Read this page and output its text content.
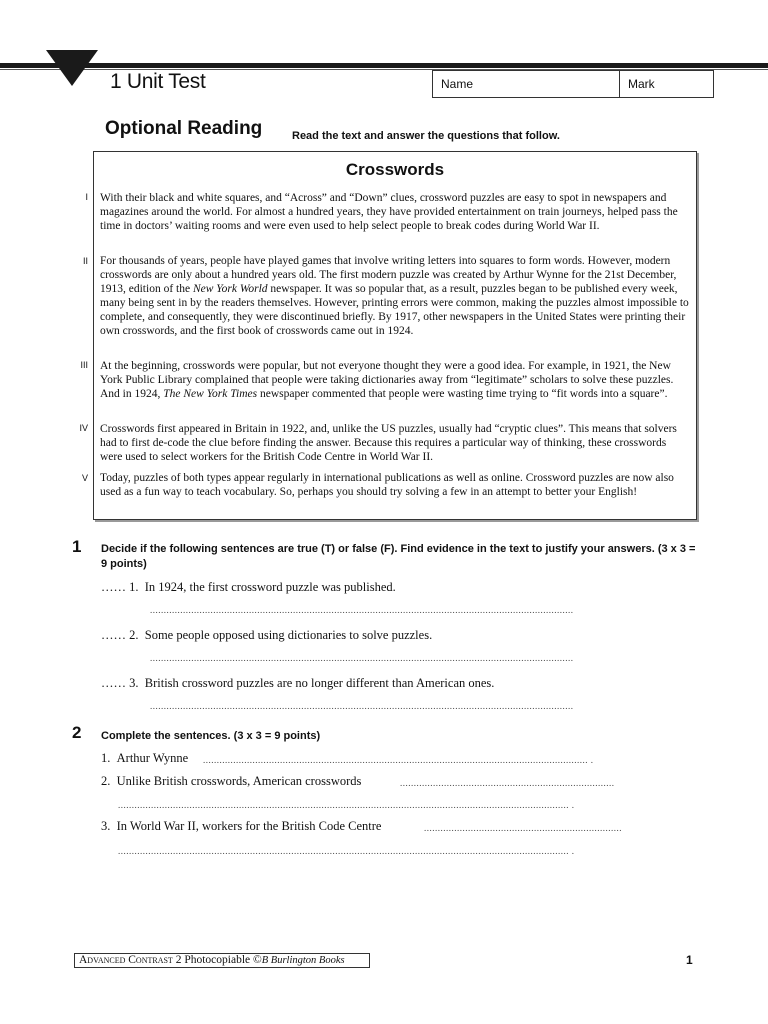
1 Unit Test	Name	Mark
Optional Reading	Read the text and answer the questions that follow.
I
II
III
IV
V
Crosswords
With their black and white squares, and “Across” and “Down” clues, crossword puzzles are easy to spot in newspapers and magazines around the world. For almost a hundred years, they have provided entertainment on train journeys, helped pass the time in doctors’ waiting rooms and were even used to help select people to break codes during World War II.
For thousands of years, people have played games that involve writing letters into squares to form words. However, modern crosswords are only about a hundred years old. The first modern puzzle was created by Arthur Wynne for the 21st December, 1913, edition of the New York World newspaper. It was so popular that, as a result, puzzles began to be published every week, many being sent in by the readers themselves. However, printing errors were common, making the puzzles almost impossible to complete, and consequently, they were discontinued briefly. By 1917, other newspapers in the United States were printing their own crosswords, and the first book of crosswords came out in 1924.
At the beginning, crosswords were popular, but not everyone thought they were a good idea. For example, in 1921, the New York Public Library complained that people were taking dictionaries away from “legitimate” scholars to solve these puzzles. And in 1924, The New York Times newspaper commented that people were wasting time trying to “fit words into a square”.
Crosswords first appeared in Britain in 1922, and, unlike the US puzzles, usually had “cryptic clues”. This means that solvers had to first de-code the clue before finding the answer. Because this requires a particular way of thinking, these crosswords were used to select workers for the British Code Centre in World War II.
Today, puzzles of both types appear regularly in international publications as well as online. Crossword puzzles are now also used as a fun way to teach vocabulary. So, perhaps you should try solving a few in an attempt to better your English!
1 Decide if the following sentences are true (T) or false (F). Find evidence in the text to justify your answers. (3 x 3 = 9 points)
…… 1. In 1924, the first crossword puzzle was published.
..........................................................................................................................................................
…… 2. Some people opposed using dictionaries to solve puzzles.
..........................................................................................................................................................
…… 3. British crossword puzzles are no longer different than American ones.
..........................................................................................................................................................
2 Complete the sentences. (3 x 3 = 9 points)
1. Arthur Wynne ............................................................................................................................................ .
2. Unlike British crosswords, American crosswords	..............................................................................
.................................................................................................................................................................... .
3. In World War II, workers for the British Code Centre	........................................................................
.................................................................................................................................................................... .
Advanced Contrast 2 Photocopiable ©B Burlington Books	1
